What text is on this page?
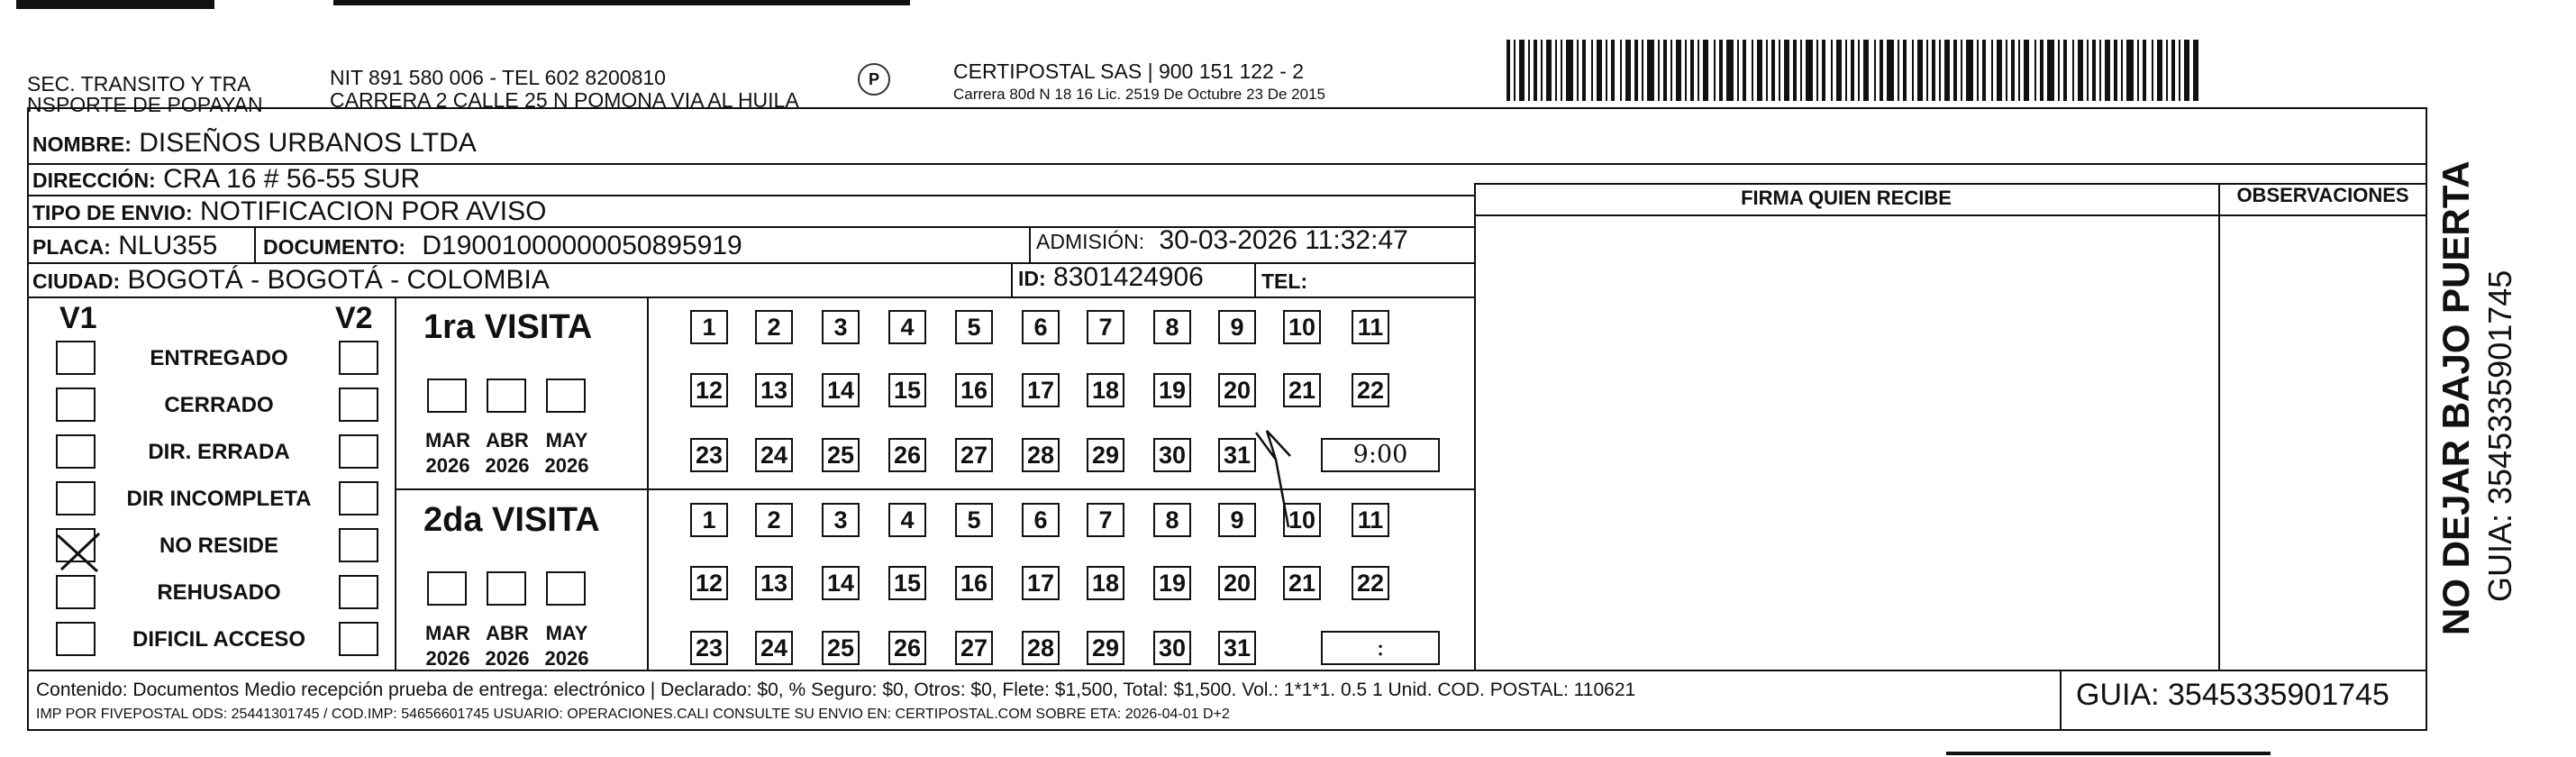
SEC. TRANSITO Y TRA
NSPORTE DE POPAYAN
NIT 891 580 006 - TEL 602 8200810
CARRERA 2 CALLE 25 N POMONA VIA AL HUILA
P	CERTIPOSTAL SAS | 900 151 122 - 2
Carrera 80d N 18 16 Lic. 2519 De Octubre 23 De 2015
NOMBRE: DISEÑOS URBANOS LTDA
DIRECCIÓN: CRA 16 # 56-55 SUR
TIPO DE ENVIO: NOTIFICACION POR AVISO
PLACA: NLU355 DOCUMENTO: D19001000000050895919	ADMISIÓN: 30-03-2026 11:32:47
CIUDAD: BOGOTÁ - BOGOTÁ - COLOMBIA	ID: 8301424906	TEL:
FIRMA QUIEN RECIBE	OBSERVACIONES
V1	V2
ENTREGADO
CERRADO
DIR. ERRADA
DIR INCOMPLETA
NO RESIDE
REHUSADO
DIFICIL ACCESO
1ra VISITA
2da VISITA
MAR
2026
ABR
2026
MAY
2026
1	2	3	4	5	6	7	8	9	10 11
12 13 14 15 16 17 18 19 20 21 22
23 24 25 26 27 28 29 30 31	9:00
MAR
2026
ABR
2026
MAY
2026
1	2	3	4	5	6	7	8	9	10 11
12 13 14 15 16 17 18 19 20 21 22
23 24 25 26 27 28 29 30 31	:
Contenido: Documentos Medio recepción prueba de entrega: electrónico | Declarado: $0, % Seguro: $0, Otros: $0, Flete: $1,500, Total: $1,500. Vol.: 1*1*1. 0.5 1 Unid. COD. POSTAL: 110621
IMP POR FIVEPOSTAL ODS: 25441301745 / COD.IMP: 54656601745 USUARIO: OPERACIONES.CALI CONSULTE SU ENVIO EN: CERTIPOSTAL.COM SOBRE ETA: 2026-04-01 D+2
GUIA: 3545335901745
NO DEJAR BAJO PUERTA GUIA: 3545335901745
